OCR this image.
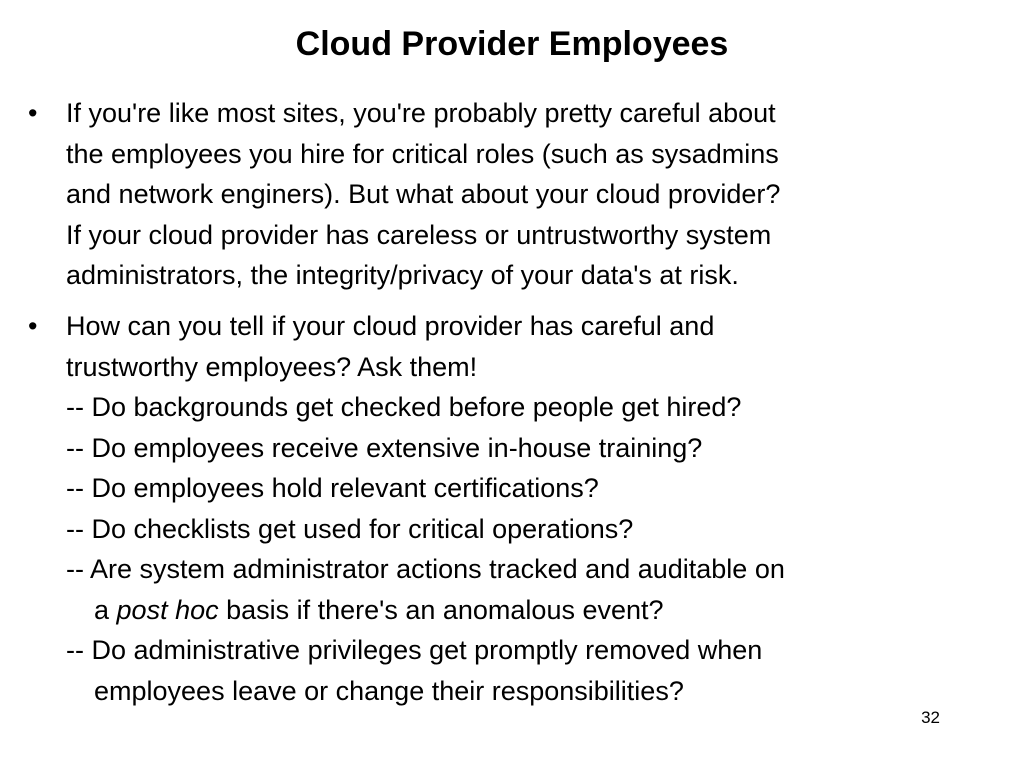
Cloud Provider Employees
•	If you're like most sites, you're probably pretty careful about
the employees you hire for critical roles (such as sysadmins
and network enginers). But what about your cloud provider?
If your cloud provider has careless or untrustworthy system
administrators, the integrity/privacy of your data's at risk.
•	How can you tell if your cloud provider has careful and
trustworthy employees? Ask them!
-- Do backgrounds get checked before people get hired?
-- Do employees receive extensive in-house training?
-- Do employees hold relevant certifications?
-- Do checklists get used for critical operations?
-- Are system administrator actions tracked and auditable on
a post hoc basis if there's an anomalous event?
-- Do administrative privileges get promptly removed when
employees leave or change their responsibilities?
32
